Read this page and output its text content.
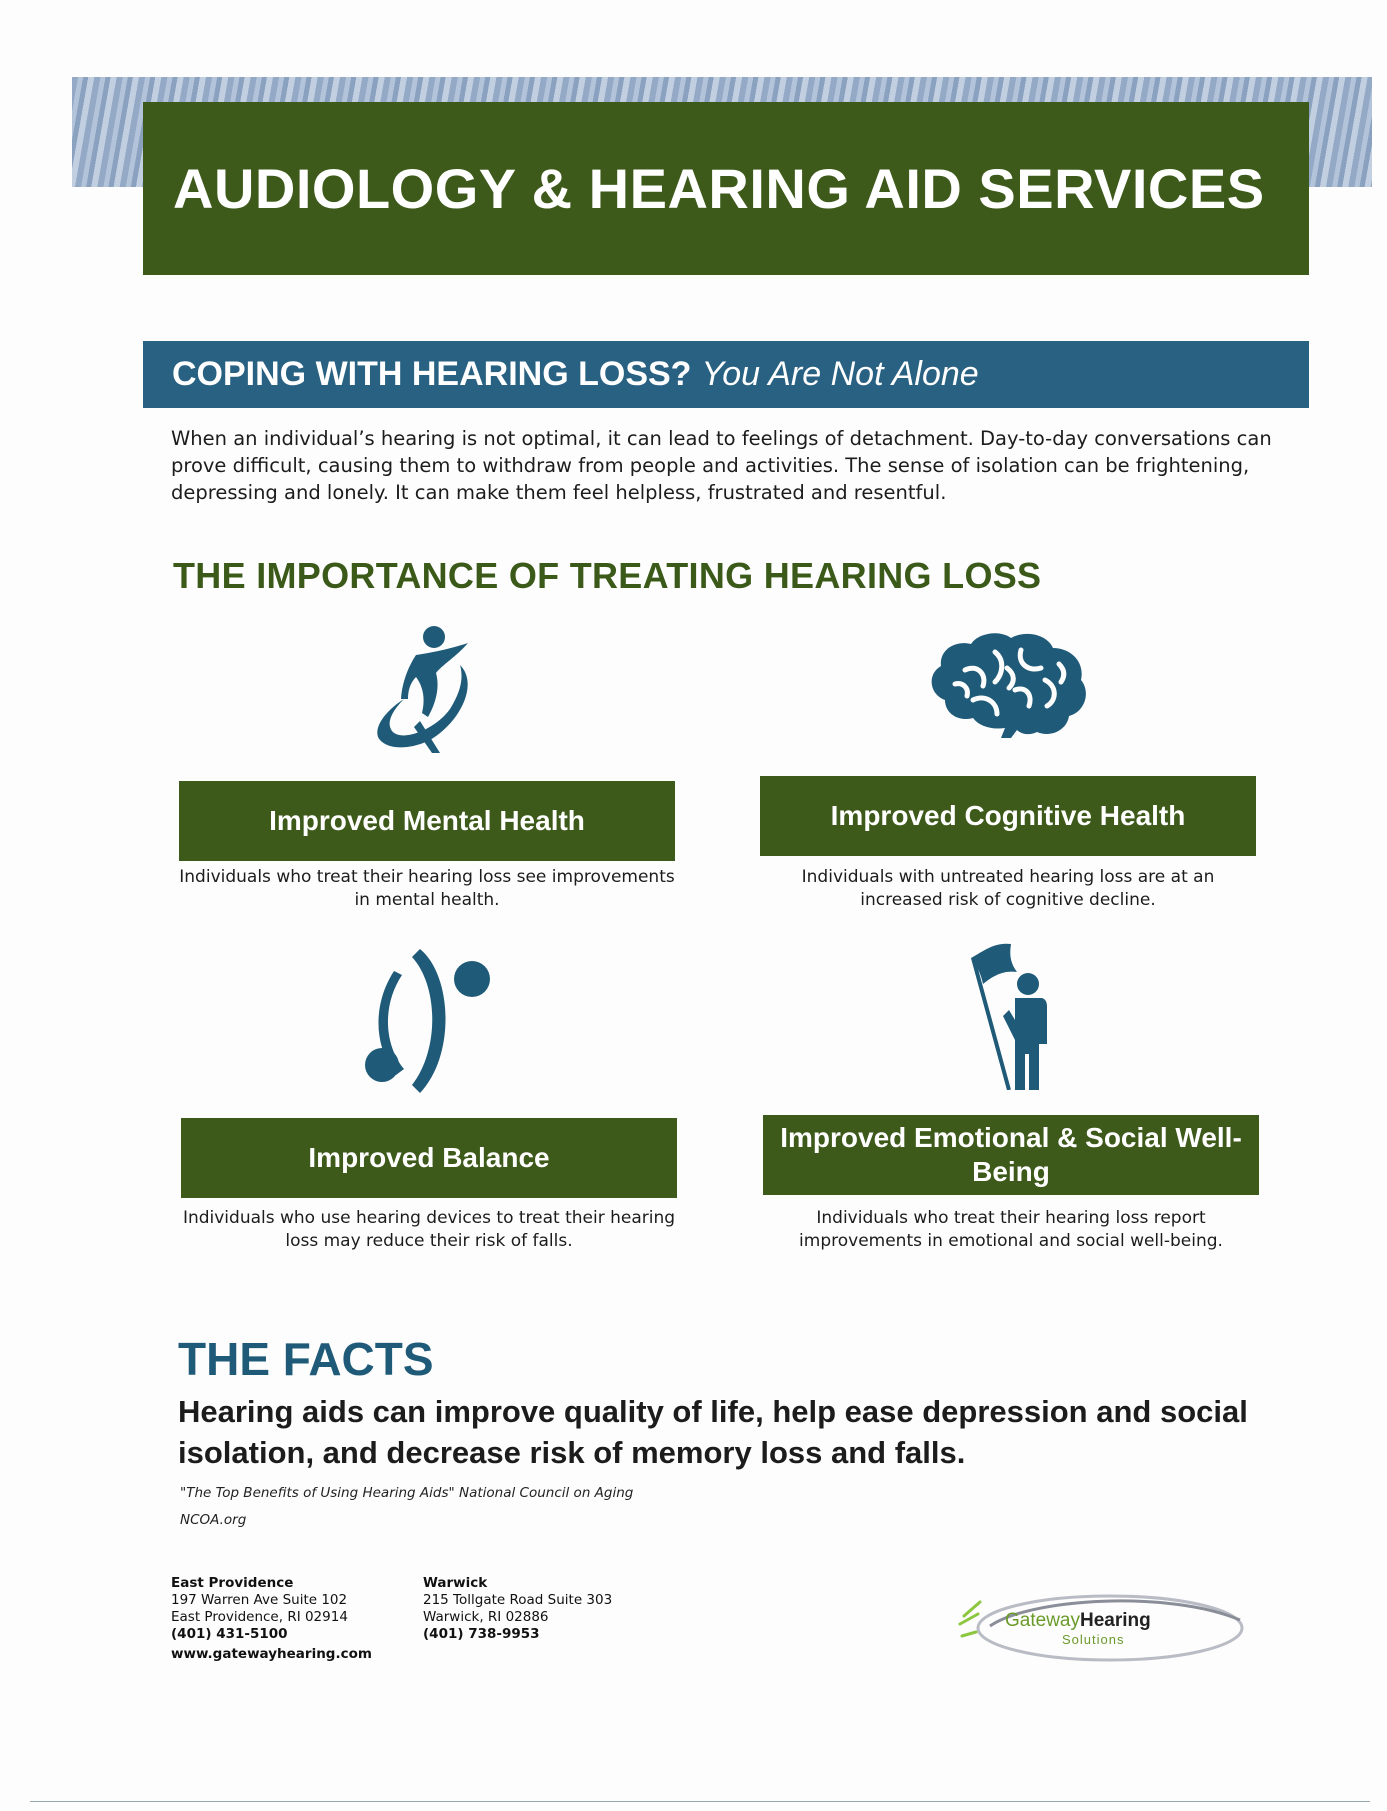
AUDIOLOGY & HEARING AID SERVICES
COPING WITH HEARING LOSS? You Are Not Alone
When an individual’s hearing is not optimal, it can lead to feelings of detachment. Day-to-day conversations can prove difficult, causing them to withdraw from people and activities. The sense of isolation can be frightening, depressing and lonely. It can make them feel helpless, frustrated and resentful.
THE IMPORTANCE OF TREATING HEARING LOSS
Improved Mental Health
Individuals who treat their hearing loss see improvements in mental health.
Improved Cognitive Health
Individuals with untreated hearing loss are at an increased risk of cognitive decline.
Improved Balance
Individuals who use hearing devices to treat their hearing loss may reduce their risk of falls.
Improved Emotional & Social Well-Being
Individuals who treat their hearing loss report improvements in emotional and social well-being.
THE FACTS
Hearing aids can improve quality of life, help ease depression and social isolation, and decrease risk of memory loss and falls.
"The Top Benefits of Using Hearing Aids" National Council on Aging
NCOA.org
East Providence
197 Warren Ave Suite 102
East Providence, RI 02914
(401) 431-5100
www.gatewayhearing.com
Warwick
215 Tollgate Road Suite 303
Warwick, RI 02886
(401) 738-9953
GatewayHearing
Solutions
